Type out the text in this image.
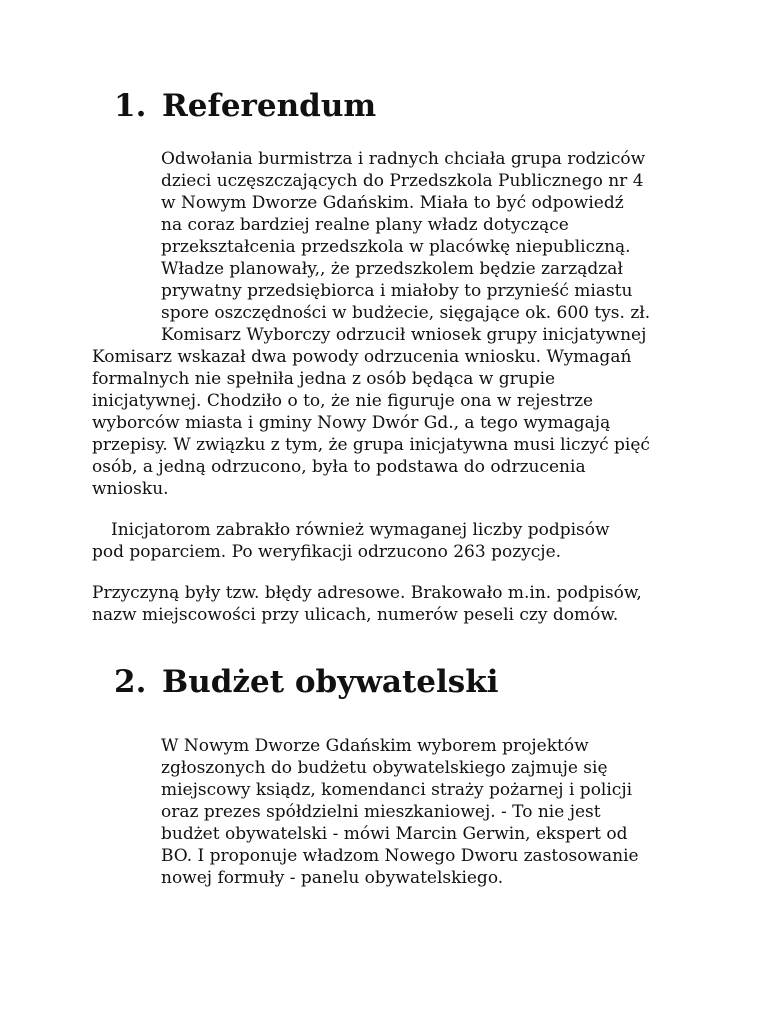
1. Referendum
Odwołania burmistrza i radnych chciała grupa rodziców
dzieci uczęszczających do Przedszkola Publicznego nr 4
w Nowym Dworze Gdańskim. Miała to być odpowiedź
na coraz bardziej realne plany władz dotyczące
przekształcenia przedszkola w placówkę niepubliczną.
Władze planowały,, że przedszkolem będzie zarządzał
prywatny przedsiębiorca i miałoby to przynieść miastu
spore oszczędności w budżecie, sięgające ok. 600 tys. zł.
Komisarz Wyborczy odrzucił wniosek grupy inicjatywnej
Komisarz wskazał dwa powody odrzucenia wniosku. Wymagań
formalnych nie spełniła jedna z osób będąca w grupie
inicjatywnej. Chodziło o to, że nie figuruje ona w rejestrze
wyborców miasta i gminy Nowy Dwór Gd., a tego wymagają
przepisy. W związku z tym, że grupa inicjatywna musi liczyć pięć
osób, a jedną odrzucono, była to podstawa do odrzucenia
wniosku.
Inicjatorom zabrakło również wymaganej liczby podpisów
pod poparciem. Po weryfikacji odrzucono 263 pozycje.
Przyczyną były tzw. błędy adresowe. Brakowało m.in. podpisów,
nazw miejscowości przy ulicach, numerów peseli czy domów.
2. Budżet obywatelski
W Nowym Dworze Gdańskim wyborem projektów
zgłoszonych do budżetu obywatelskiego zajmuje się
miejscowy ksiądz, komendanci straży pożarnej i policji
oraz prezes spółdzielni mieszkaniowej. - To nie jest
budżet obywatelski - mówi Marcin Gerwin, ekspert od
BO. I proponuje władzom Nowego Dworu zastosowanie
nowej formuły - panelu obywatelskiego.
